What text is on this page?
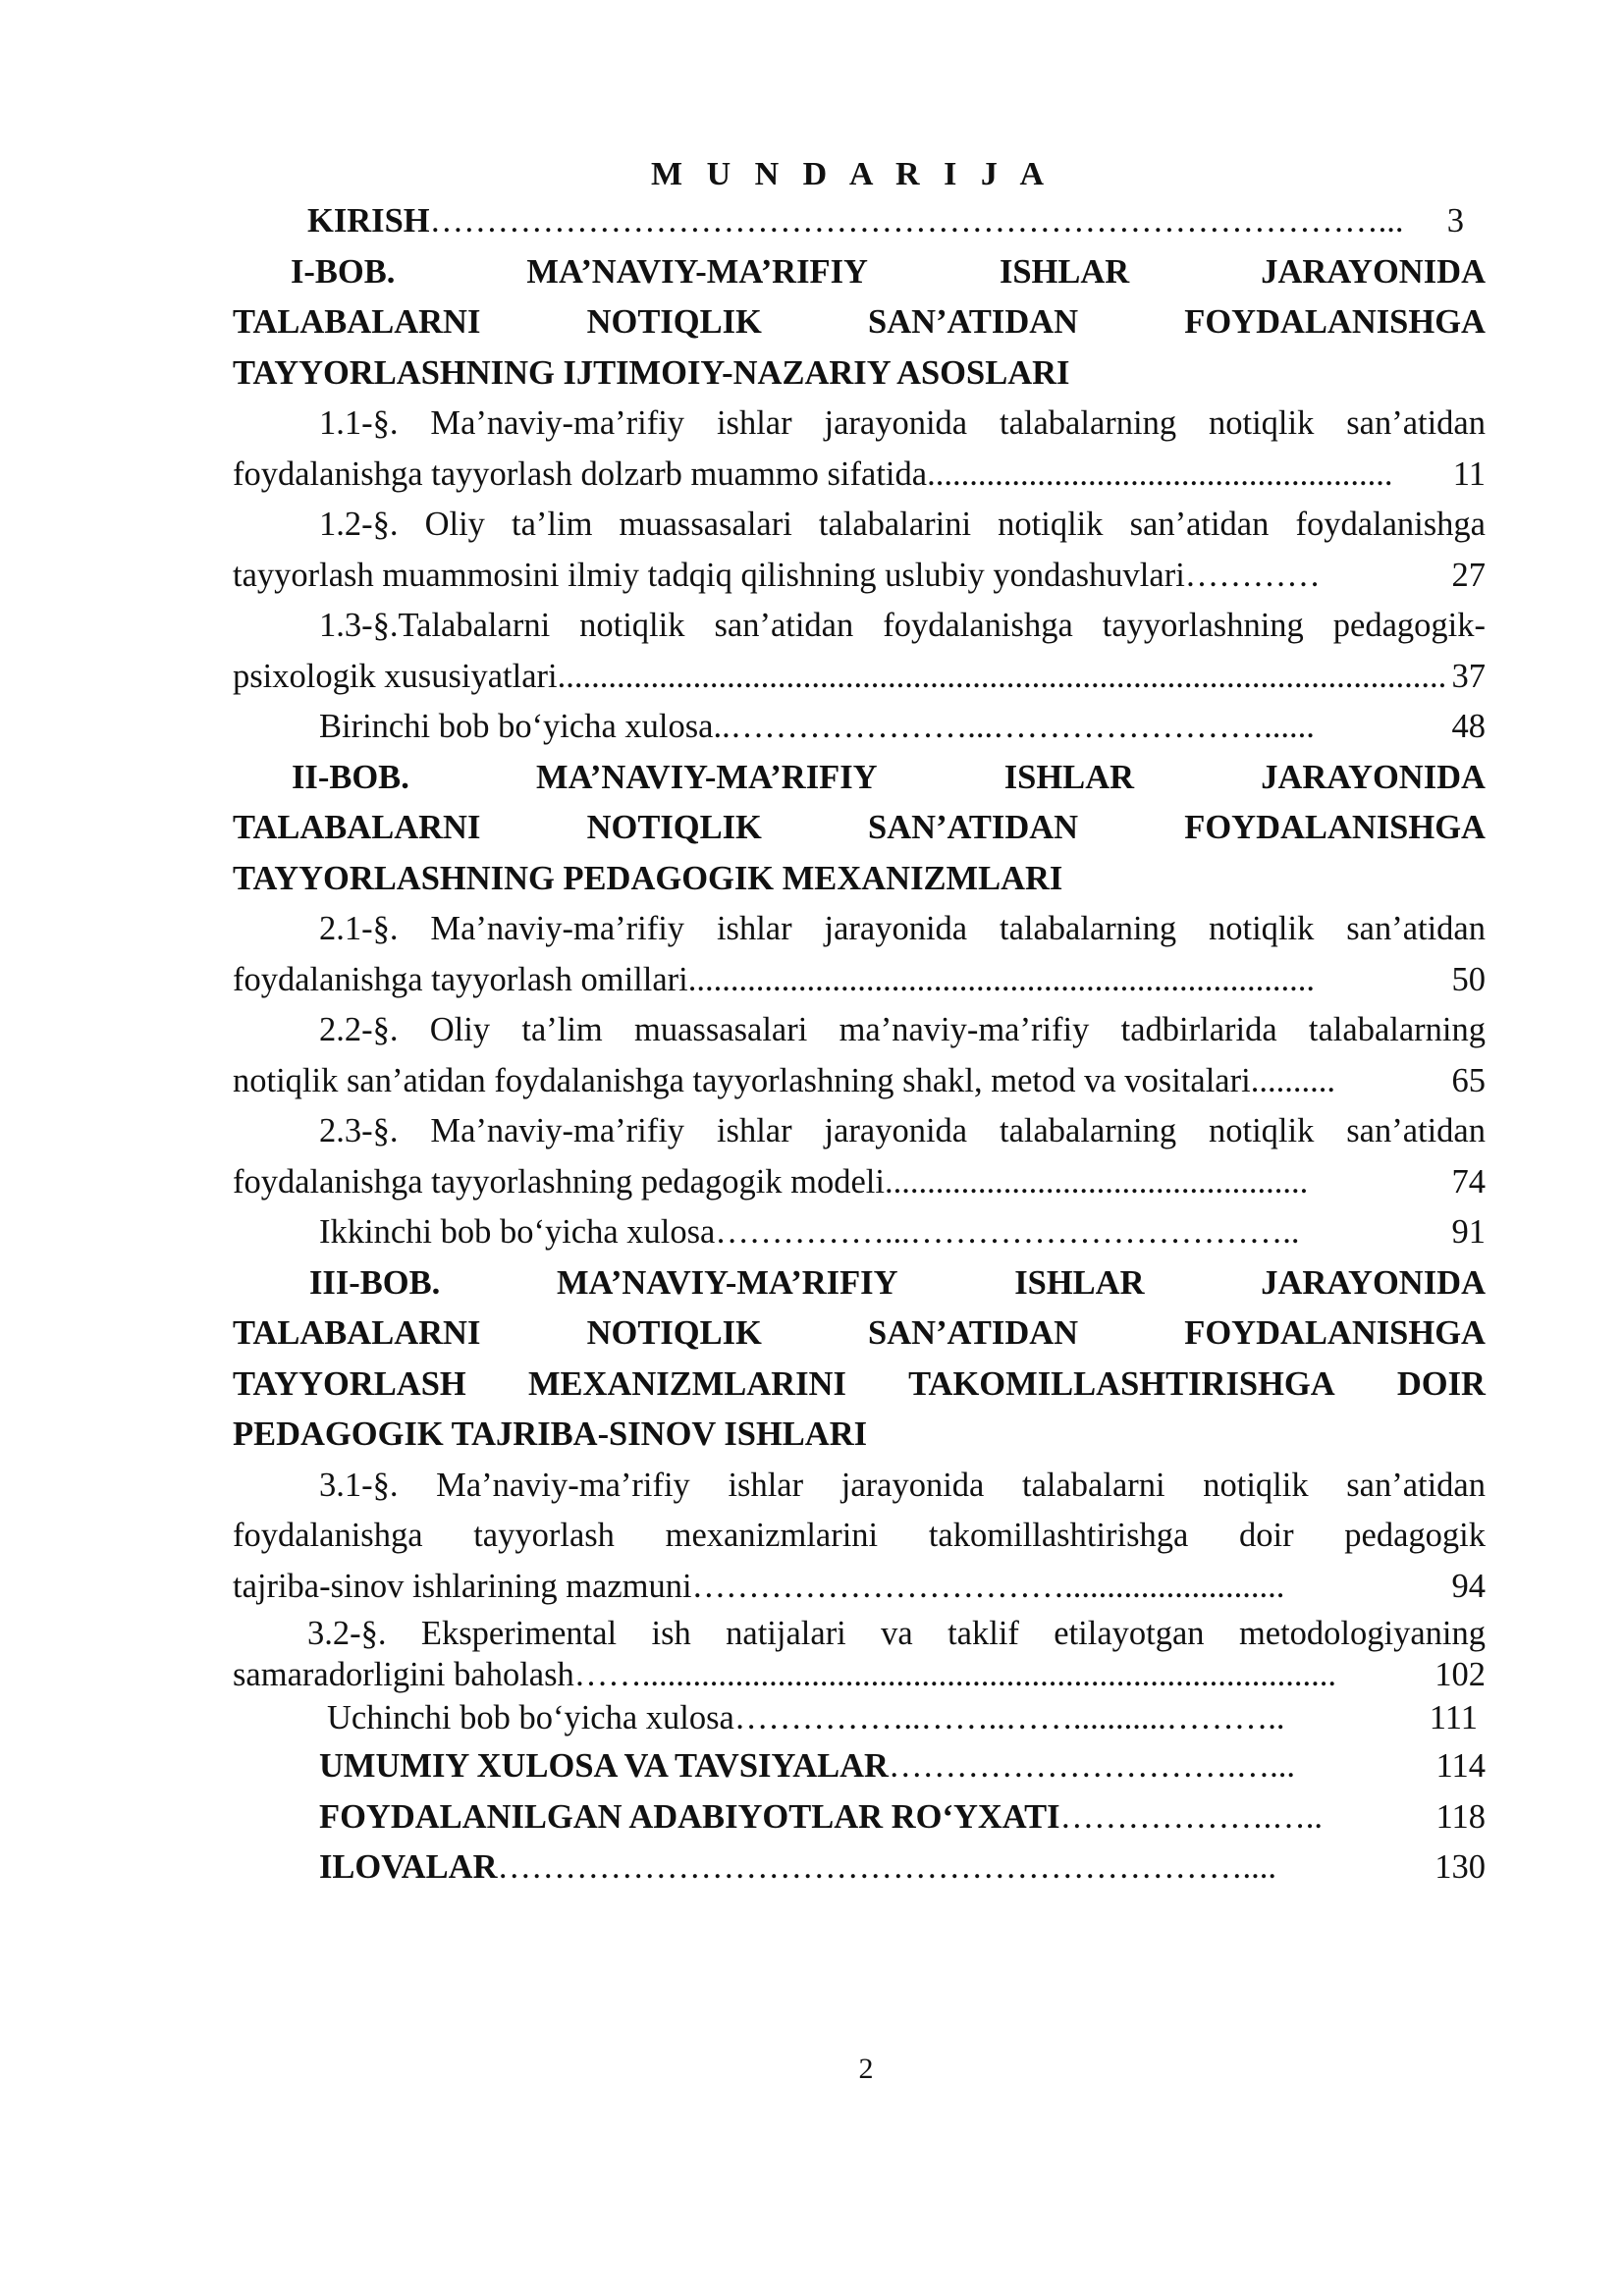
M U N D A R I J A
KIRISH …………………………………………………………………………...	3
I-BOB.	MA’NAVIY-MA’RIFIY	ISHLAR	JARAYONIDA
TALABALARNI	NOTIQLIK	SAN’ATIDAN	FOYDALANISHGA
TAYYORLASHNING IJTIMOIY-NAZARIY ASOSLARI
1.1-§. Ma’naviy-ma’rifiy ishlar jarayonida talabalarning notiqlik san’atidan
foydalanishga tayyorlash dolzarb muammo sifatida .......................................................	11
1.2-§. Oliy ta’lim muassasalari talabalarini notiqlik san’atidan foydalanishga
tayyorlash muammosini ilmiy tadqiq qilishning uslubiy yondashuvlari …………	27
1.3-§.Talabalarni notiqlik san’atidan foydalanishga tayyorlashning pedagogik-
psixologik xususiyatlari ......................................................................................................... 37
Birinchi bob bo‘yicha xulosa ..…………………...……………………......	48
II-BOB.	MA’NAVIY-MA’RIFIY	ISHLAR	JARAYONIDA
TALABALARNI	NOTIQLIK	SAN’ATIDAN	FOYDALANISHGA
TAYYORLASHNING PEDAGOGIK MEXANIZMLARI
2.1-§. Ma’naviy-ma’rifiy ishlar jarayonida talabalarning notiqlik san’atidan
foydalanishga tayyorlash omillari ..........................................................................	50
2.2-§. Oliy ta’lim muassasalari ma’naviy-ma’rifiy tadbirlarida talabalarning
notiqlik san’atidan foydalanishga tayyorlashning shakl, metod va vositalari ..........	65
2.3-§. Ma’naviy-ma’rifiy ishlar jarayonida talabalarning notiqlik san’atidan
foydalanishga tayyorlashning pedagogik modeli ..................................................	74
Ikkinchi bob bo‘yicha xulosa ……………...……………………………..	91
III-BOB.	MA’NAVIY-MA’RIFIY	ISHLAR	JARAYONIDA
TALABALARNI	NOTIQLIK	SAN’ATIDAN	FOYDALANISHGA
TAYYORLASH MEXANIZMLARINI TAKOMILLASHTIRISHGA DOIR
PEDAGOGIK TAJRIBA-SINOV ISHLARI
3.1-§. Ma’naviy-ma’rifiy ishlar jarayonida talabalarni notiqlik san’atidan
foydalanishga tayyorlash mexanizmlarini takomillashtirishga doir pedagogik
tajriba-sinov ishlarining mazmuni ……………………………..........................	94
3.2-§. Eksperimental ish natijalari va taklif etilayotgan metodologiyaning
samaradorligini baholash ……..................................................................................	102
Uchinchi bob bo‘yicha xulosa ……………..……..……...........………..	111
UMUMIY XULOSA VA TAVSIYALAR ………………………….…...	114
FOYDALANILGAN ADABIYOTLAR RO‘YXATI ……………….…..	118
ILOVALAR …………………………………………………………....	130
2
